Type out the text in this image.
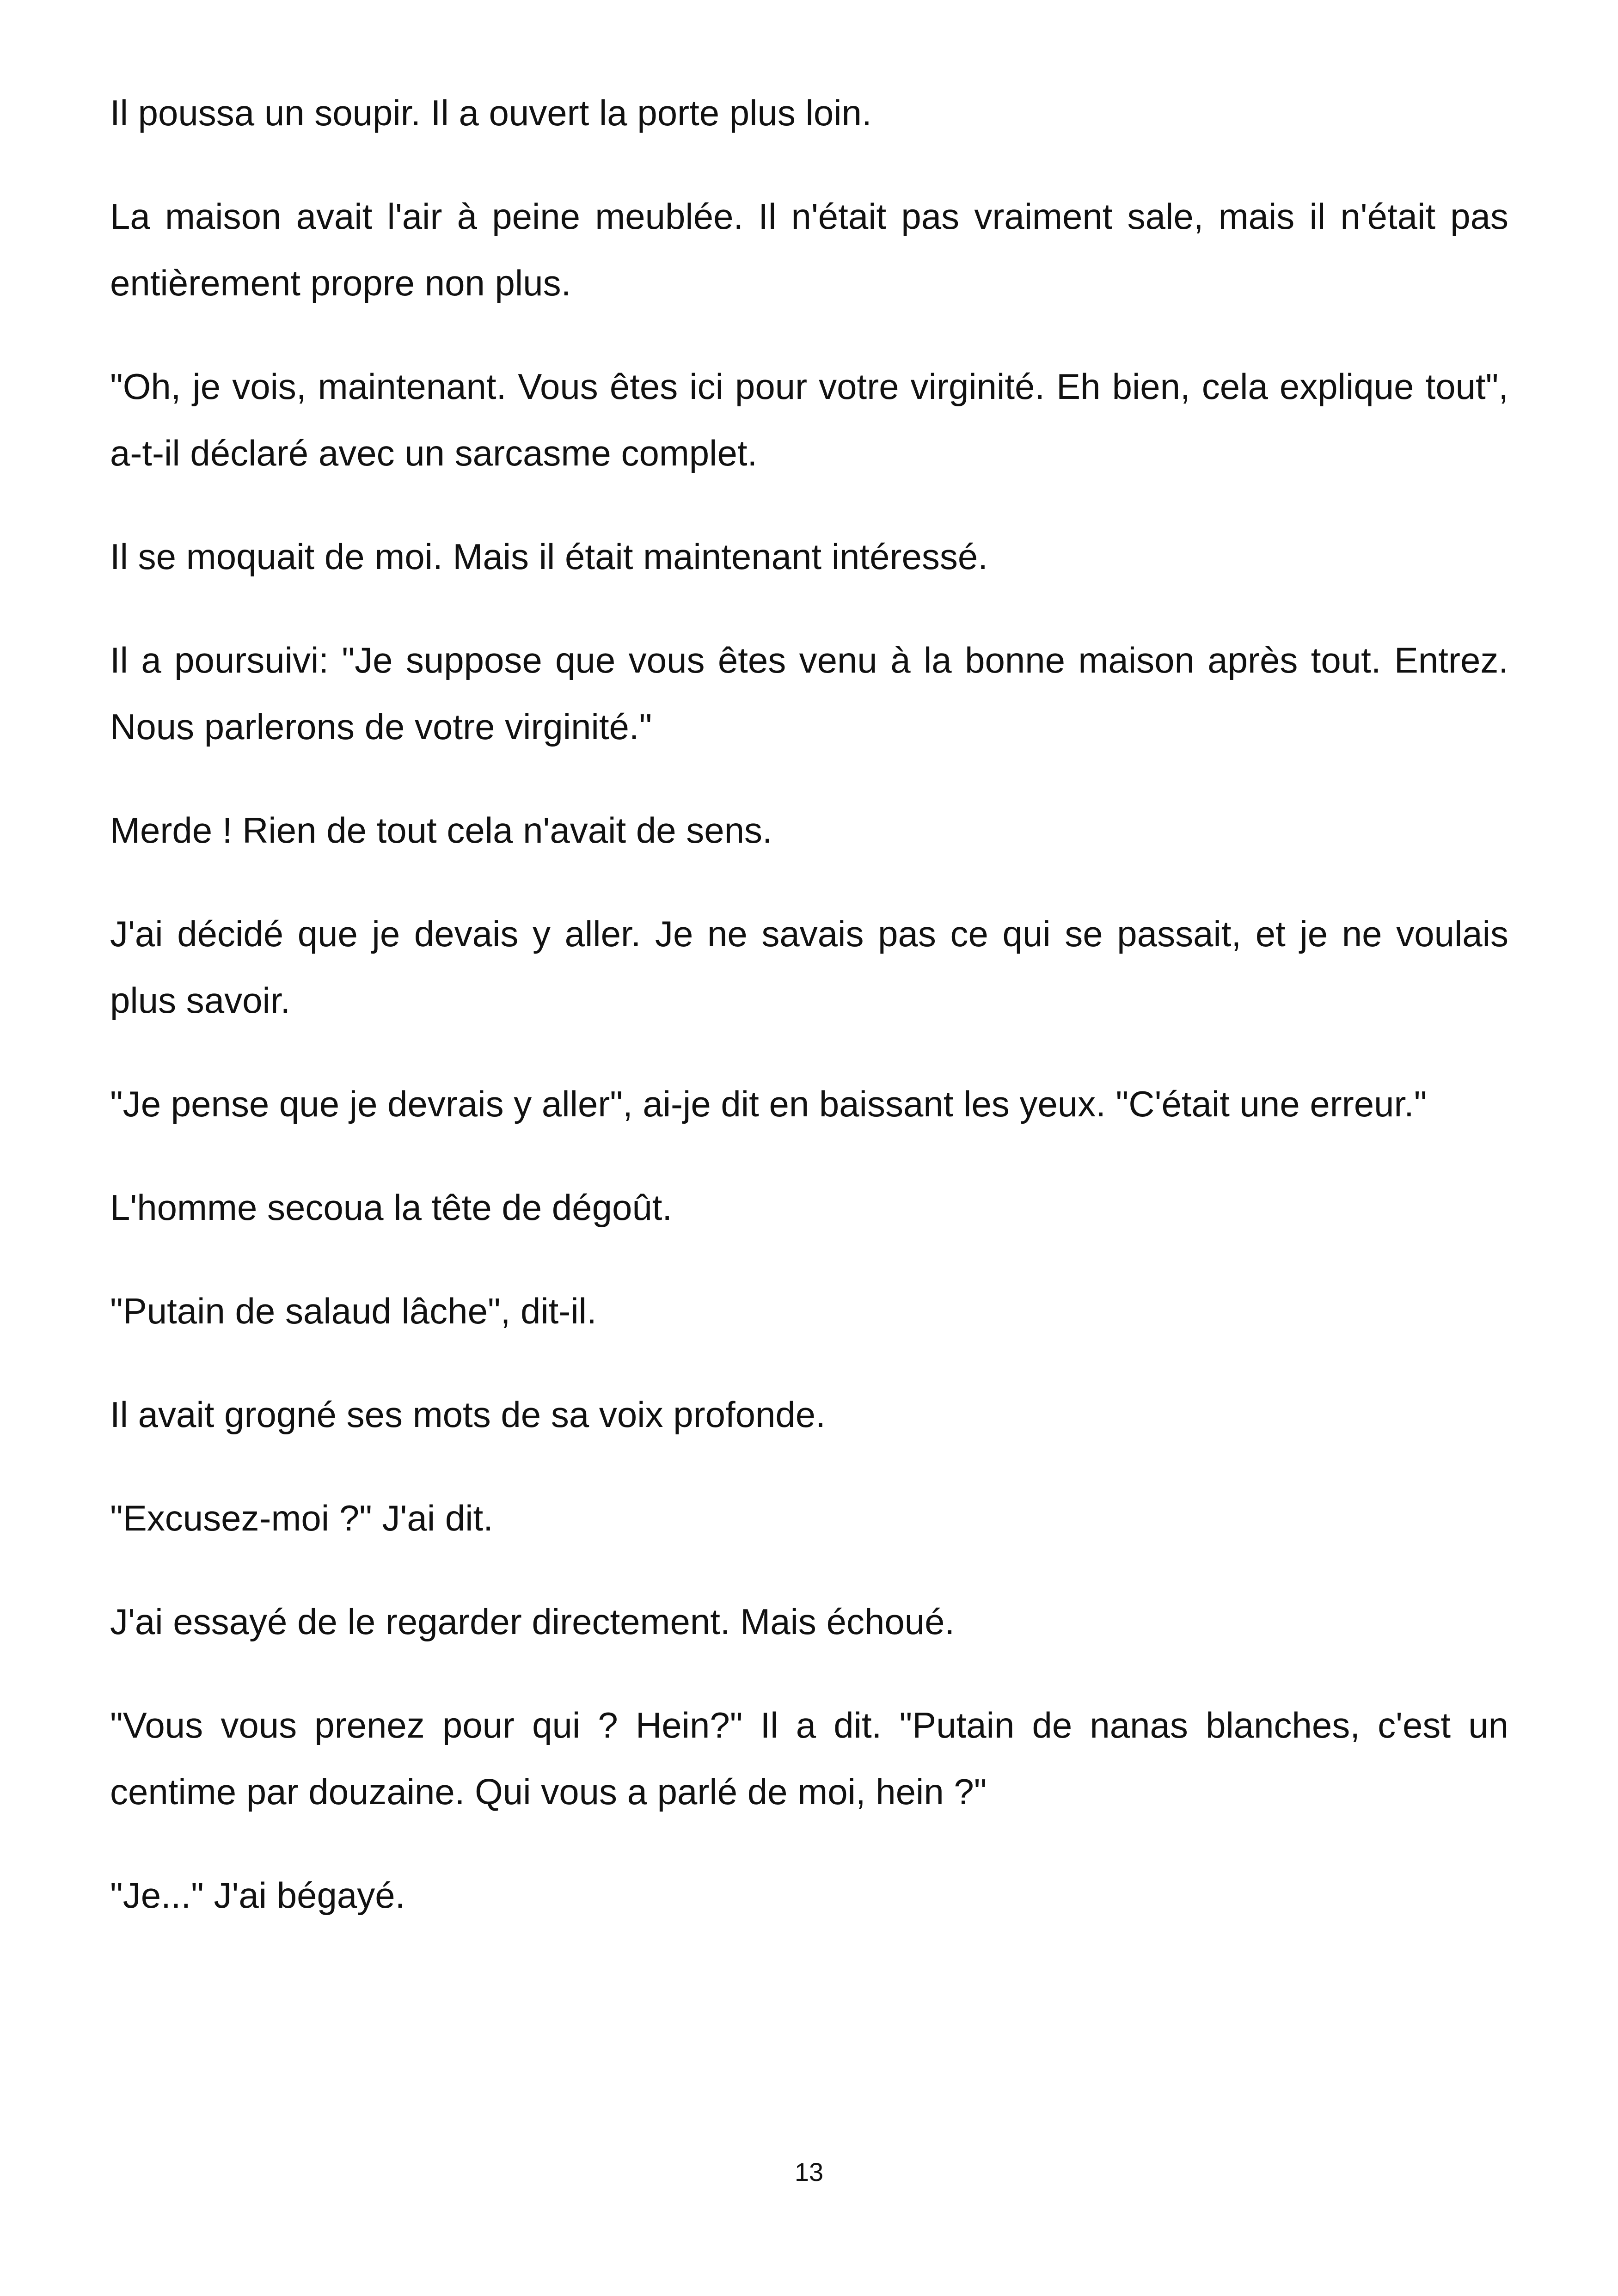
Il poussa un soupir. Il a ouvert la porte plus loin.

La maison avait l'air à peine meublée. Il n'était pas vraiment sale, mais il n'était pas entièrement propre non plus.

"Oh, je vois, maintenant. Vous êtes ici pour votre virginité. Eh bien, cela explique tout", a-t-il déclaré avec un sarcasme complet.

Il se moquait de moi. Mais il était maintenant intéressé.

Il a poursuivi: "Je suppose que vous êtes venu à la bonne maison après tout. Entrez. Nous parlerons de votre virginité."

Merde ! Rien de tout cela n'avait de sens.

J'ai décidé que je devais y aller. Je ne savais pas ce qui se passait, et je ne voulais plus savoir.

"Je pense que je devrais y aller", ai-je dit en baissant les yeux. "C'était une erreur."

L'homme secoua la tête de dégoût.

"Putain de salaud lâche", dit-il.

Il avait grogné ses mots de sa voix profonde.

"Excusez-moi ?" J'ai dit.

J'ai essayé de le regarder directement. Mais échoué.

"Vous vous prenez pour qui ? Hein?" Il a dit. "Putain de nanas blanches, c'est un centime par douzaine. Qui vous a parlé de moi, hein ?"

"Je..." J'ai bégayé.

13
